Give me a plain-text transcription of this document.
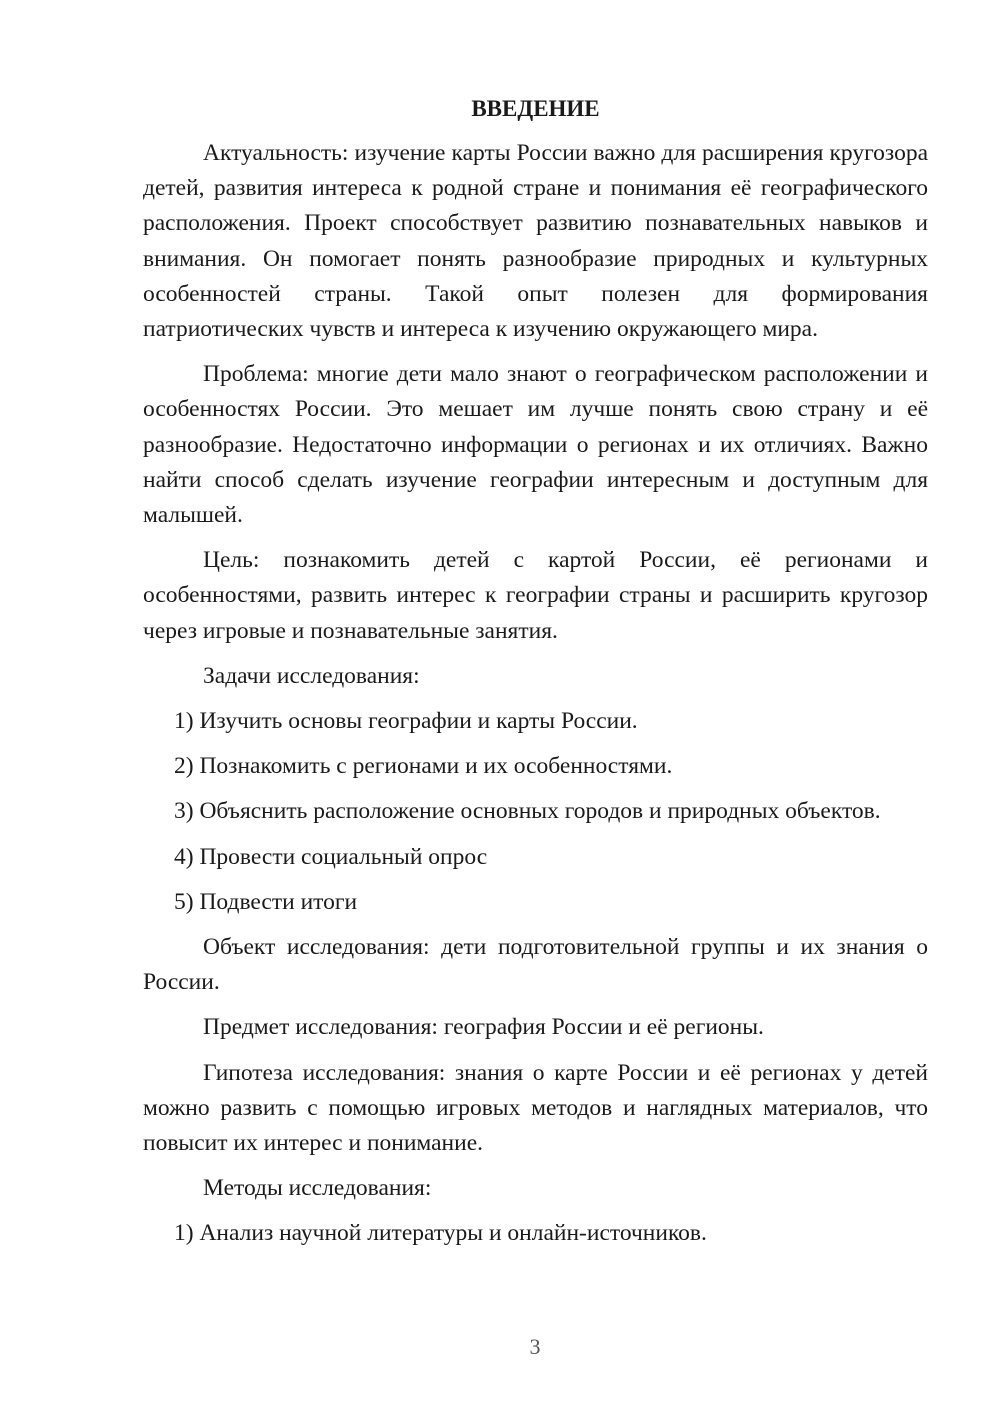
ВВЕДЕНИЕ

Актуальность: изучение карты России важно для расширения кругозора детей, развития интереса к родной стране и понимания её географического расположения. Проект способствует развитию познавательных навыков и внимания. Он помогает понять разнообразие природных и культурных особенностей страны. Такой опыт полезен для формирования патриотических чувств и интереса к изучению окружающего мира.

Проблема: многие дети мало знают о географическом расположении и особенностях России. Это мешает им лучше понять свою страну и её разнообразие. Недостаточно информации о регионах и их отличиях. Важно найти способ сделать изучение географии интересным и доступным для малышей.

Цель: познакомить детей с картой России, её регионами и особенностями, развить интерес к географии страны и расширить кругозор через игровые и познавательные занятия.

Задачи исследования:

1) Изучить основы географии и карты России.

2) Познакомить с регионами и их особенностями.

3) Объяснить расположение основных городов и природных объектов.

4) Провести социальный опрос

5) Подвести итоги

Объект исследования: дети подготовительной группы и их знания о России.

Предмет исследования: география России и её регионы.

Гипотеза исследования: знания о карте России и её регионах у детей можно развить с помощью игровых методов и наглядных материалов, что повысит их интерес и понимание.

Методы исследования:

1) Анализ научной литературы и онлайн-источников.

3
